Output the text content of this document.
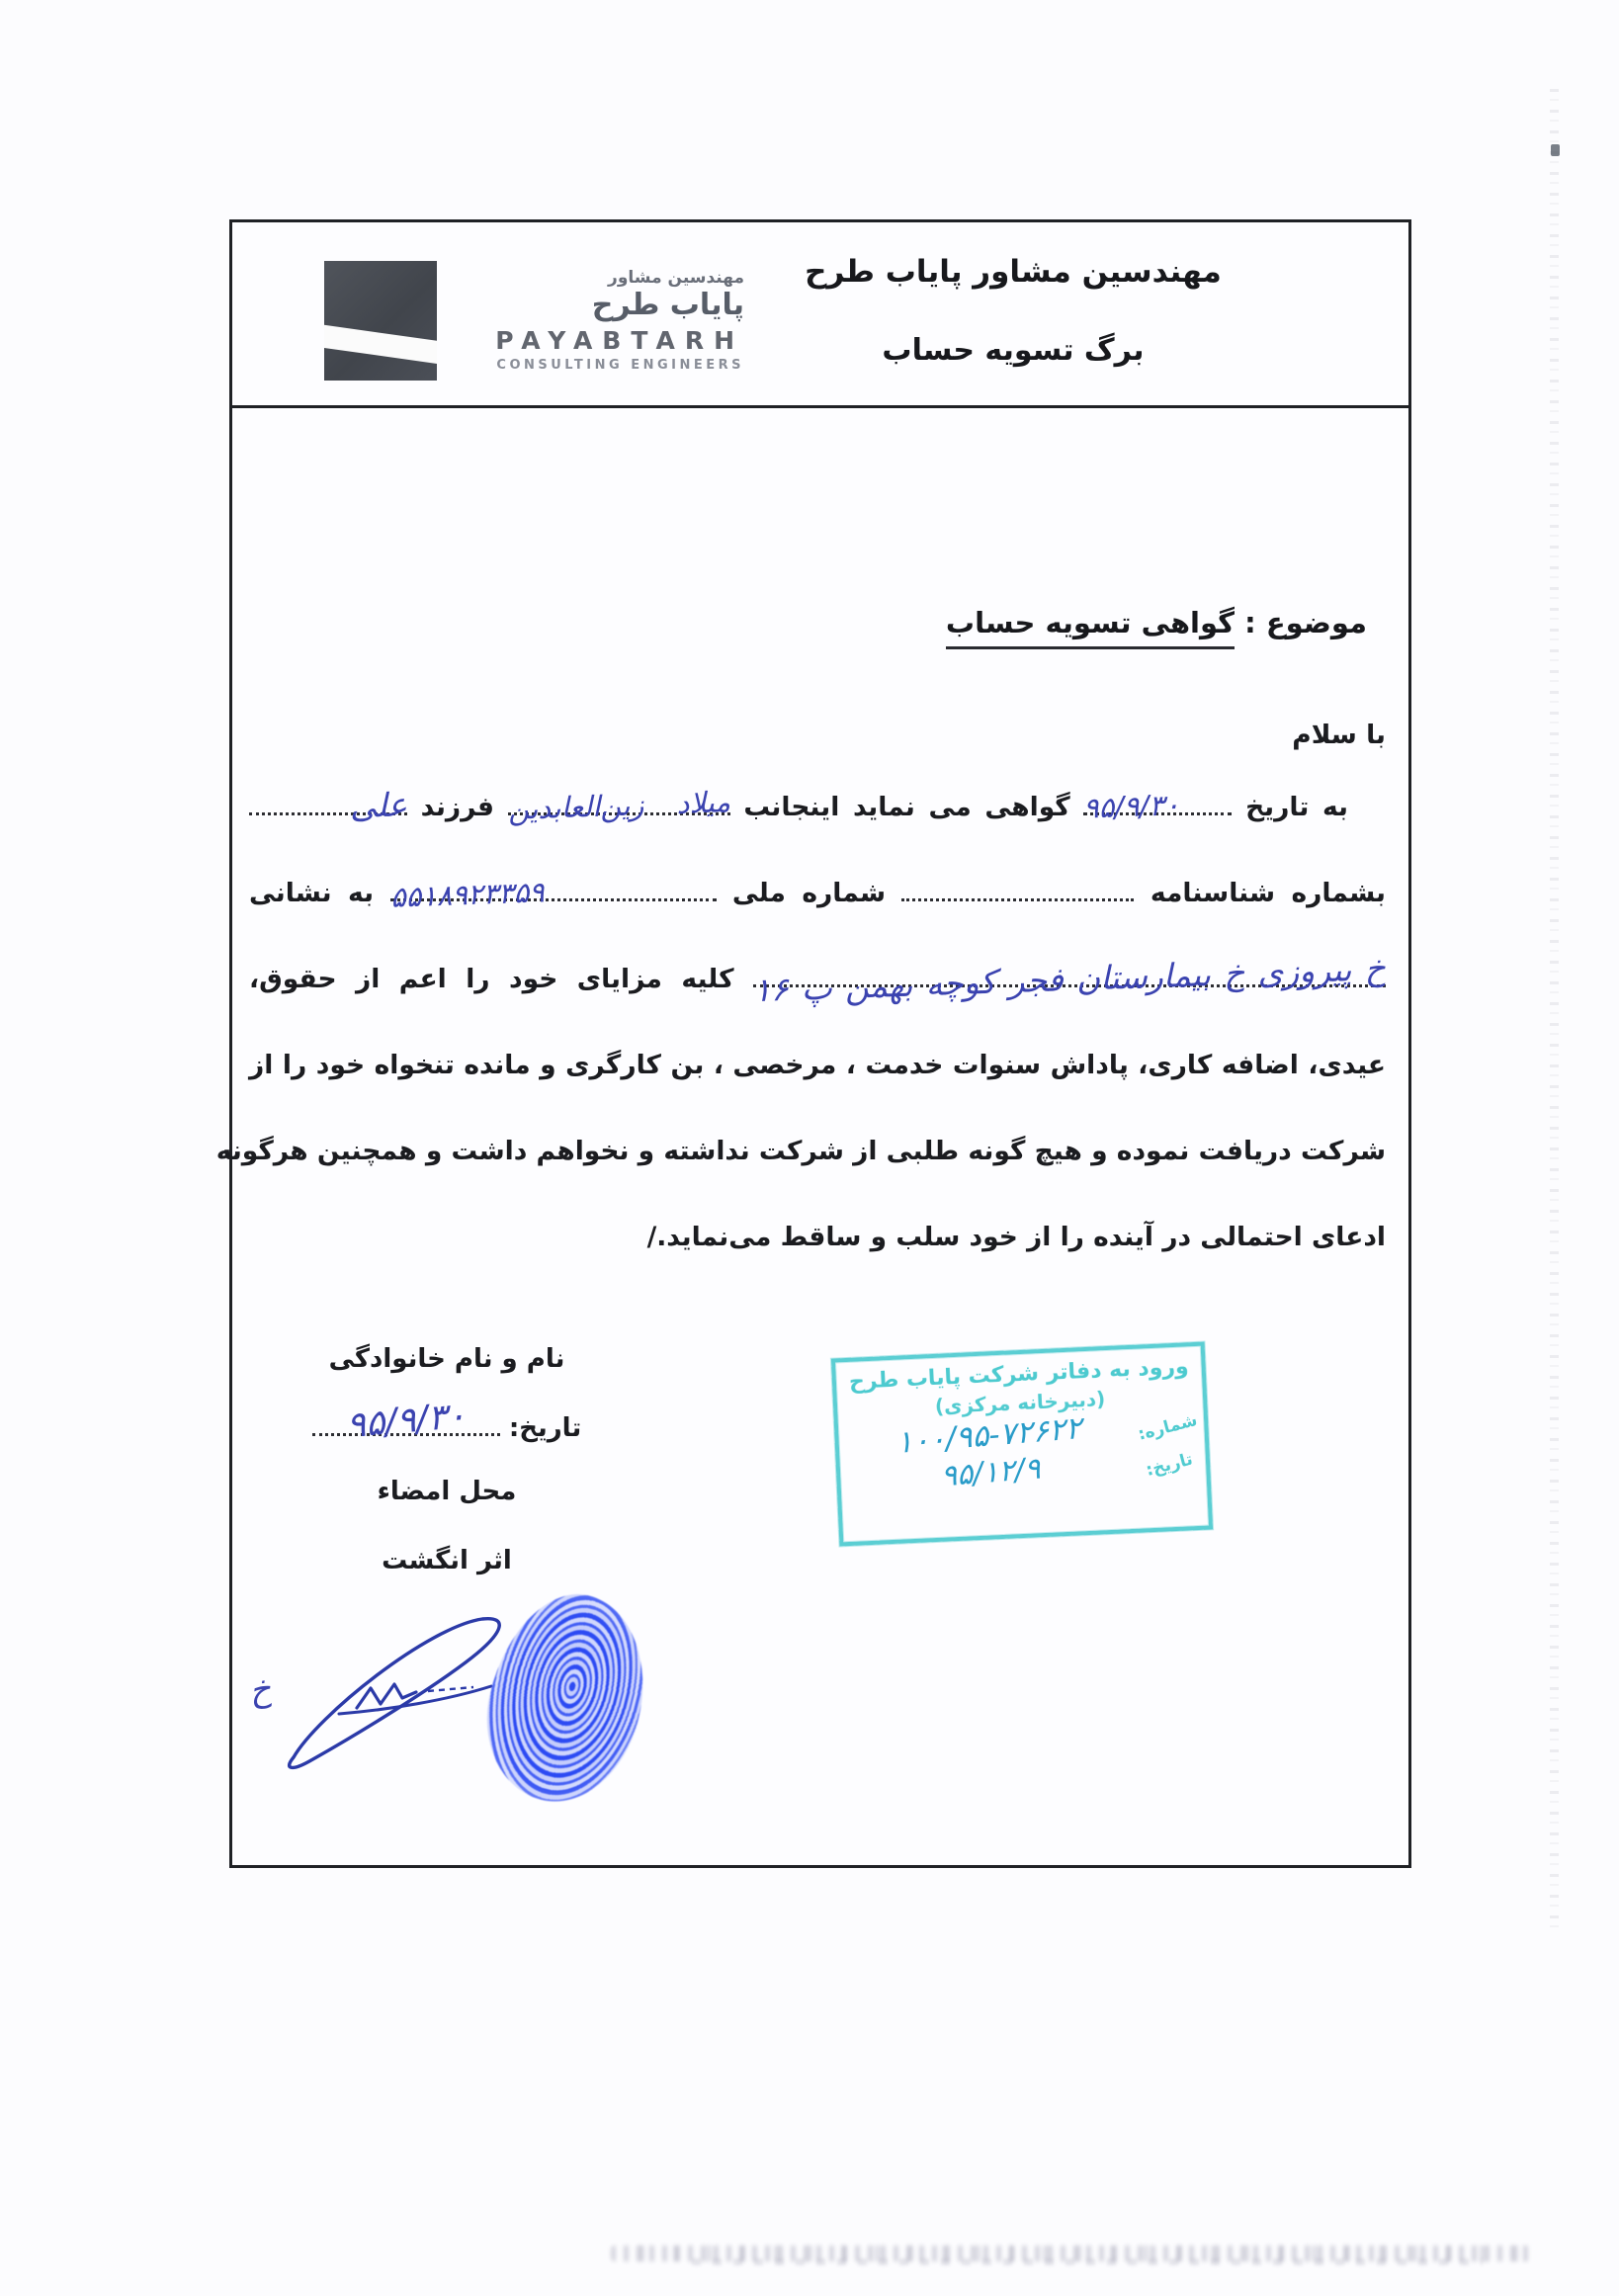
مهندسین مشاور
پایاب طرح
PAYABTARH
CONSULTING ENGINEERS
مهندسین مشاور پایاب طرح
برگ تسویه حساب
موضوع : گواهی تسویه حساب
با سلام
به تاریخ
۹۵/۹/۳۰
گواهی می نماید اینجانب
میلاد زین‌العابدین
فرزند
علی
بشماره شناسنامه  شماره ملی
۵۵۱۸۹۲۳۳۵۹
به نشانی
خ پیروزی خ بیمارستان فجر کوچه بهمن پ ۱۶
کلیه مزایای خود را اعم از حقوق،
عیدی، اضافه کاری، پاداش سنوات خدمت ، مرخصی ، بن کارگری و مانده تنخواه خود را از
شرکت دریافت نموده و هیچ گونه طلبی از شرکت نداشته و نخواهم داشت و همچنین هرگونه
ادعای احتمالی در آینده را از خود سلب و ساقط می‌نماید./
خ
نام و نام خانوادگی
تاریخ:
۹۵/۹/۳۰
محل امضاء
اثر انگشت
ورود به دفاتر شرکت پایاب طرح
(دبیرخانه مرکزی)
شماره:
۱۰۰/۹۵-۷۲۶۲۲
تاریخ:
۹۵/۱۲/۹
